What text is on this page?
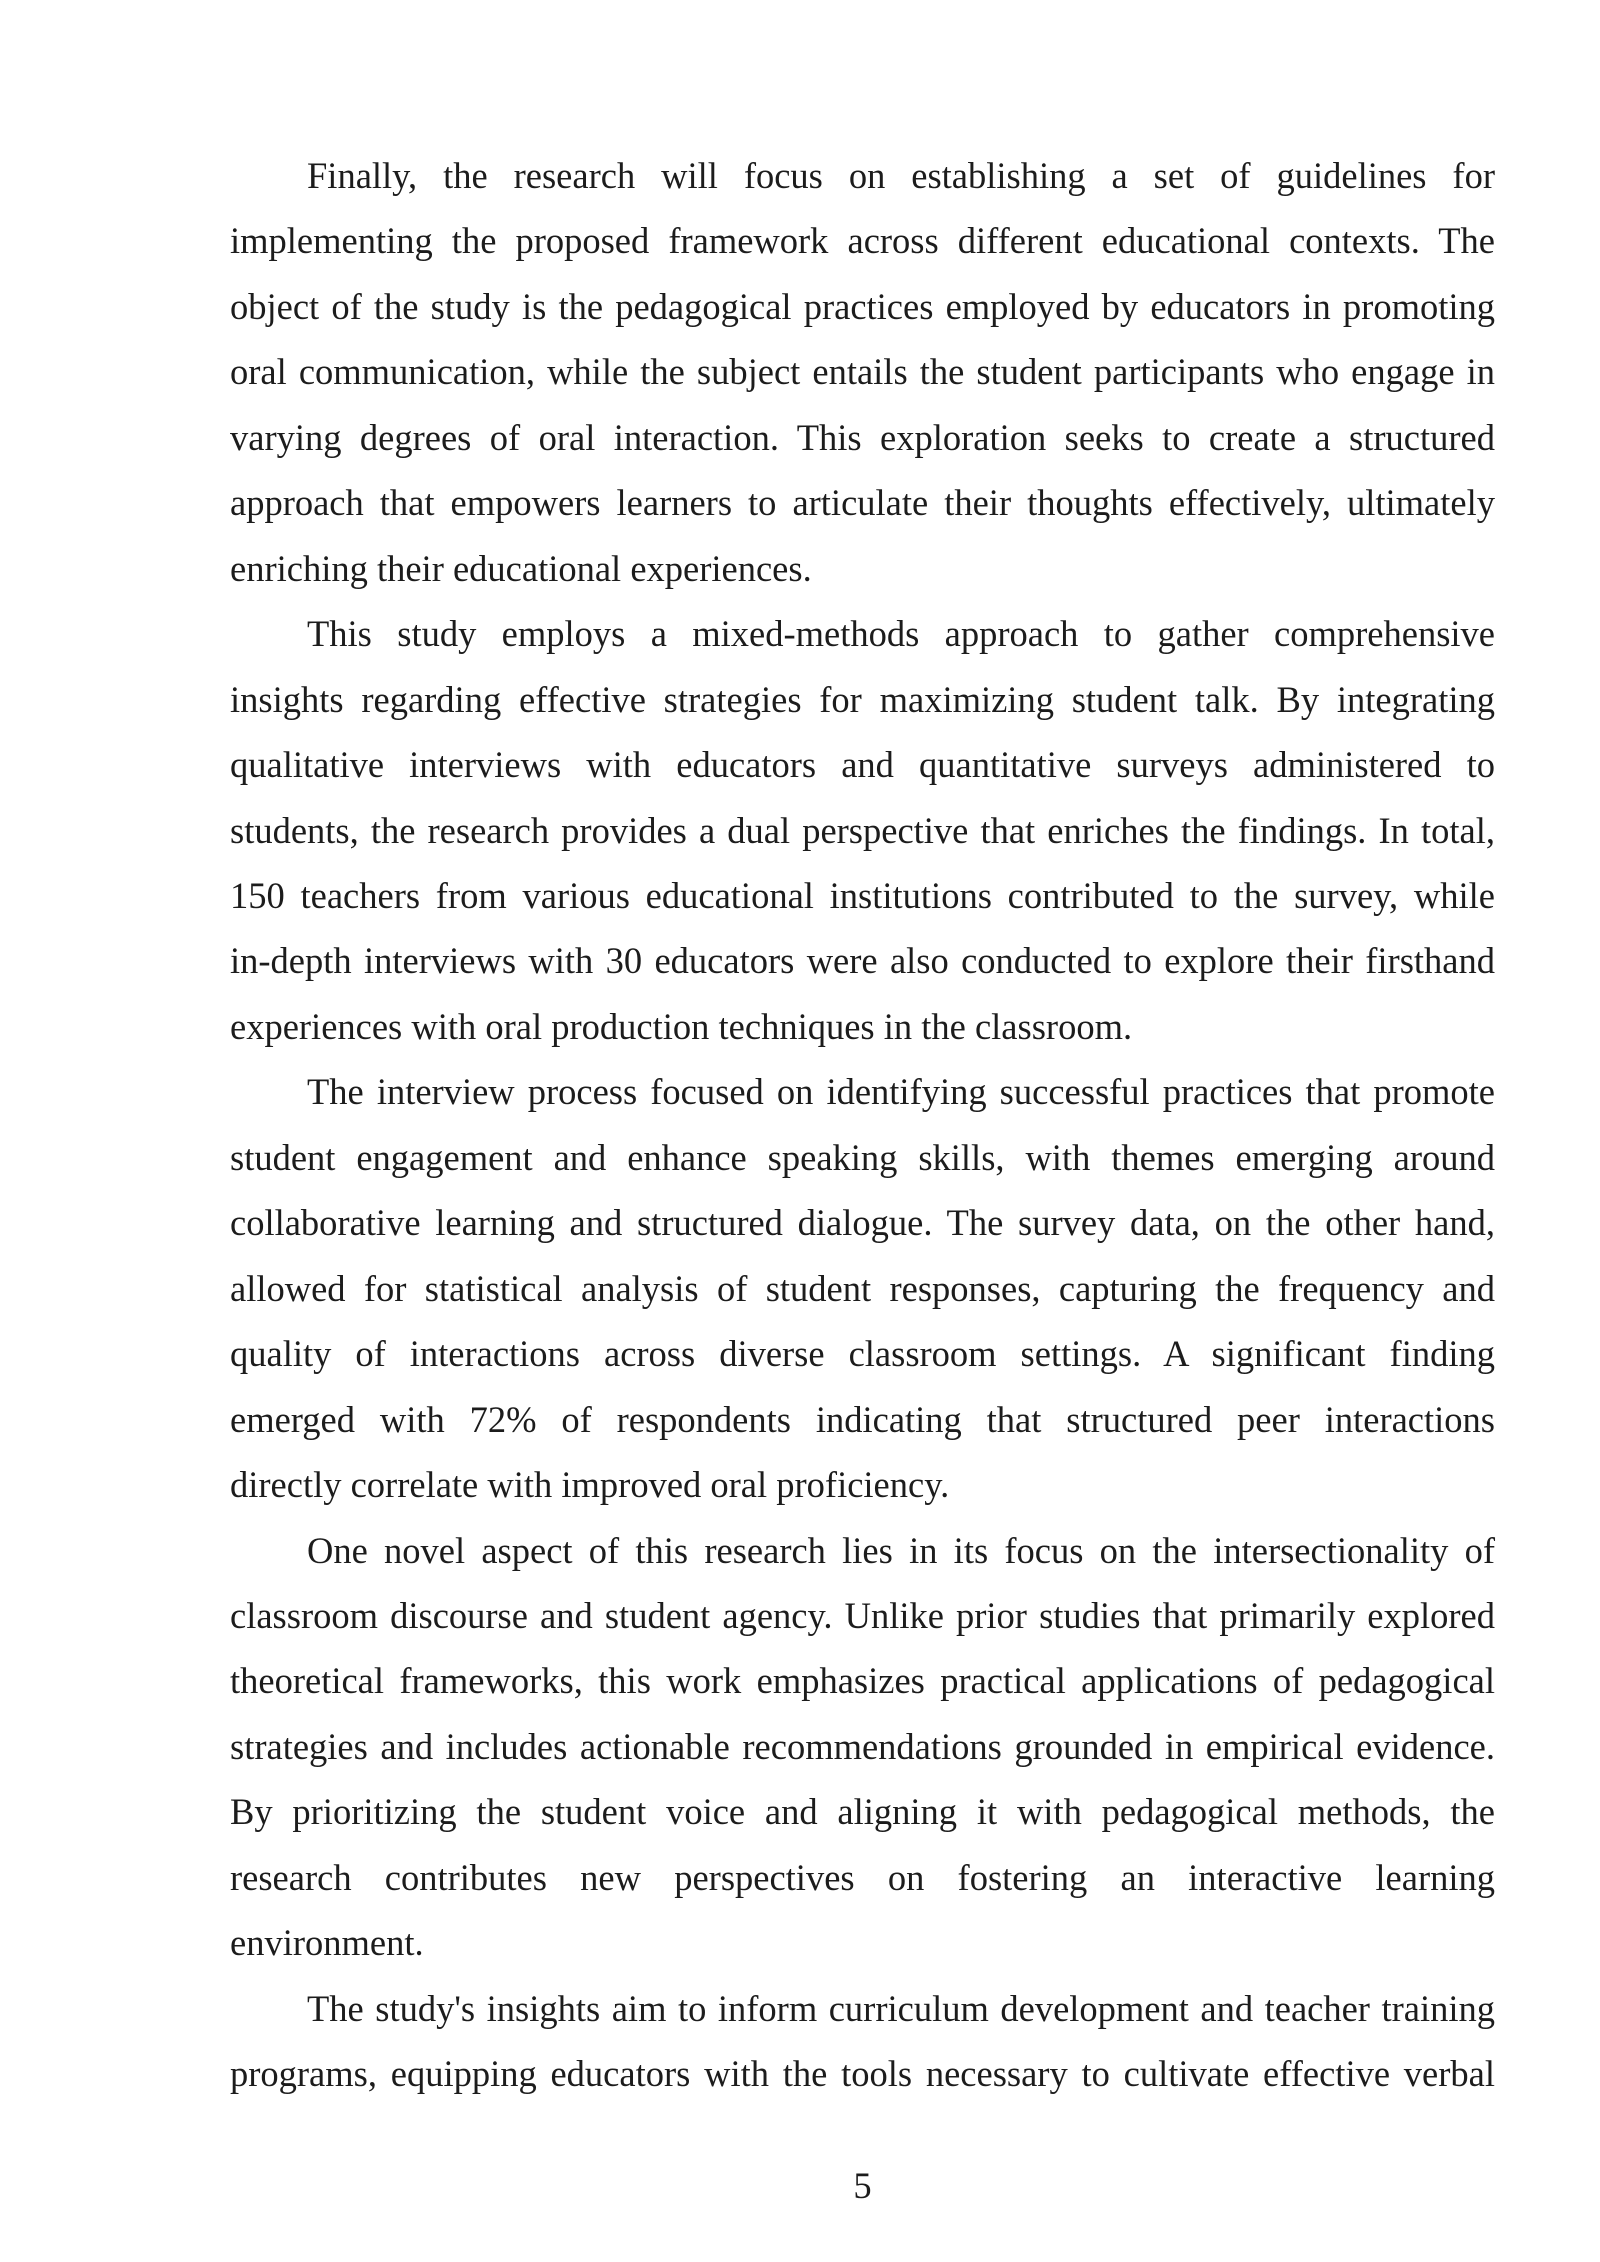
Finally, the research will focus on establishing a set of guidelines for
implementing the proposed framework across different educational contexts. The
object of the study is the pedagogical practices employed by educators in promoting
oral communication, while the subject entails the student participants who engage in
varying degrees of oral interaction. This exploration seeks to create a structured
approach that empowers learners to articulate their thoughts effectively, ultimately
enriching their educational experiences.
This study employs a mixed-methods approach to gather comprehensive
insights regarding effective strategies for maximizing student talk. By integrating
qualitative interviews with educators and quantitative surveys administered to
students, the research provides a dual perspective that enriches the findings. In total,
150 teachers from various educational institutions contributed to the survey, while
in-depth interviews with 30 educators were also conducted to explore their firsthand
experiences with oral production techniques in the classroom.
The interview process focused on identifying successful practices that promote
student engagement and enhance speaking skills, with themes emerging around
collaborative learning and structured dialogue. The survey data, on the other hand,
allowed for statistical analysis of student responses, capturing the frequency and
quality of interactions across diverse classroom settings. A significant finding
emerged with 72% of respondents indicating that structured peer interactions
directly correlate with improved oral proficiency.
One novel aspect of this research lies in its focus on the intersectionality of
classroom discourse and student agency. Unlike prior studies that primarily explored
theoretical frameworks, this work emphasizes practical applications of pedagogical
strategies and includes actionable recommendations grounded in empirical evidence.
By prioritizing the student voice and aligning it with pedagogical methods, the
research contributes new perspectives on fostering an interactive learning
environment.
The study's insights aim to inform curriculum development and teacher training
programs, equipping educators with the tools necessary to cultivate effective verbal
5
